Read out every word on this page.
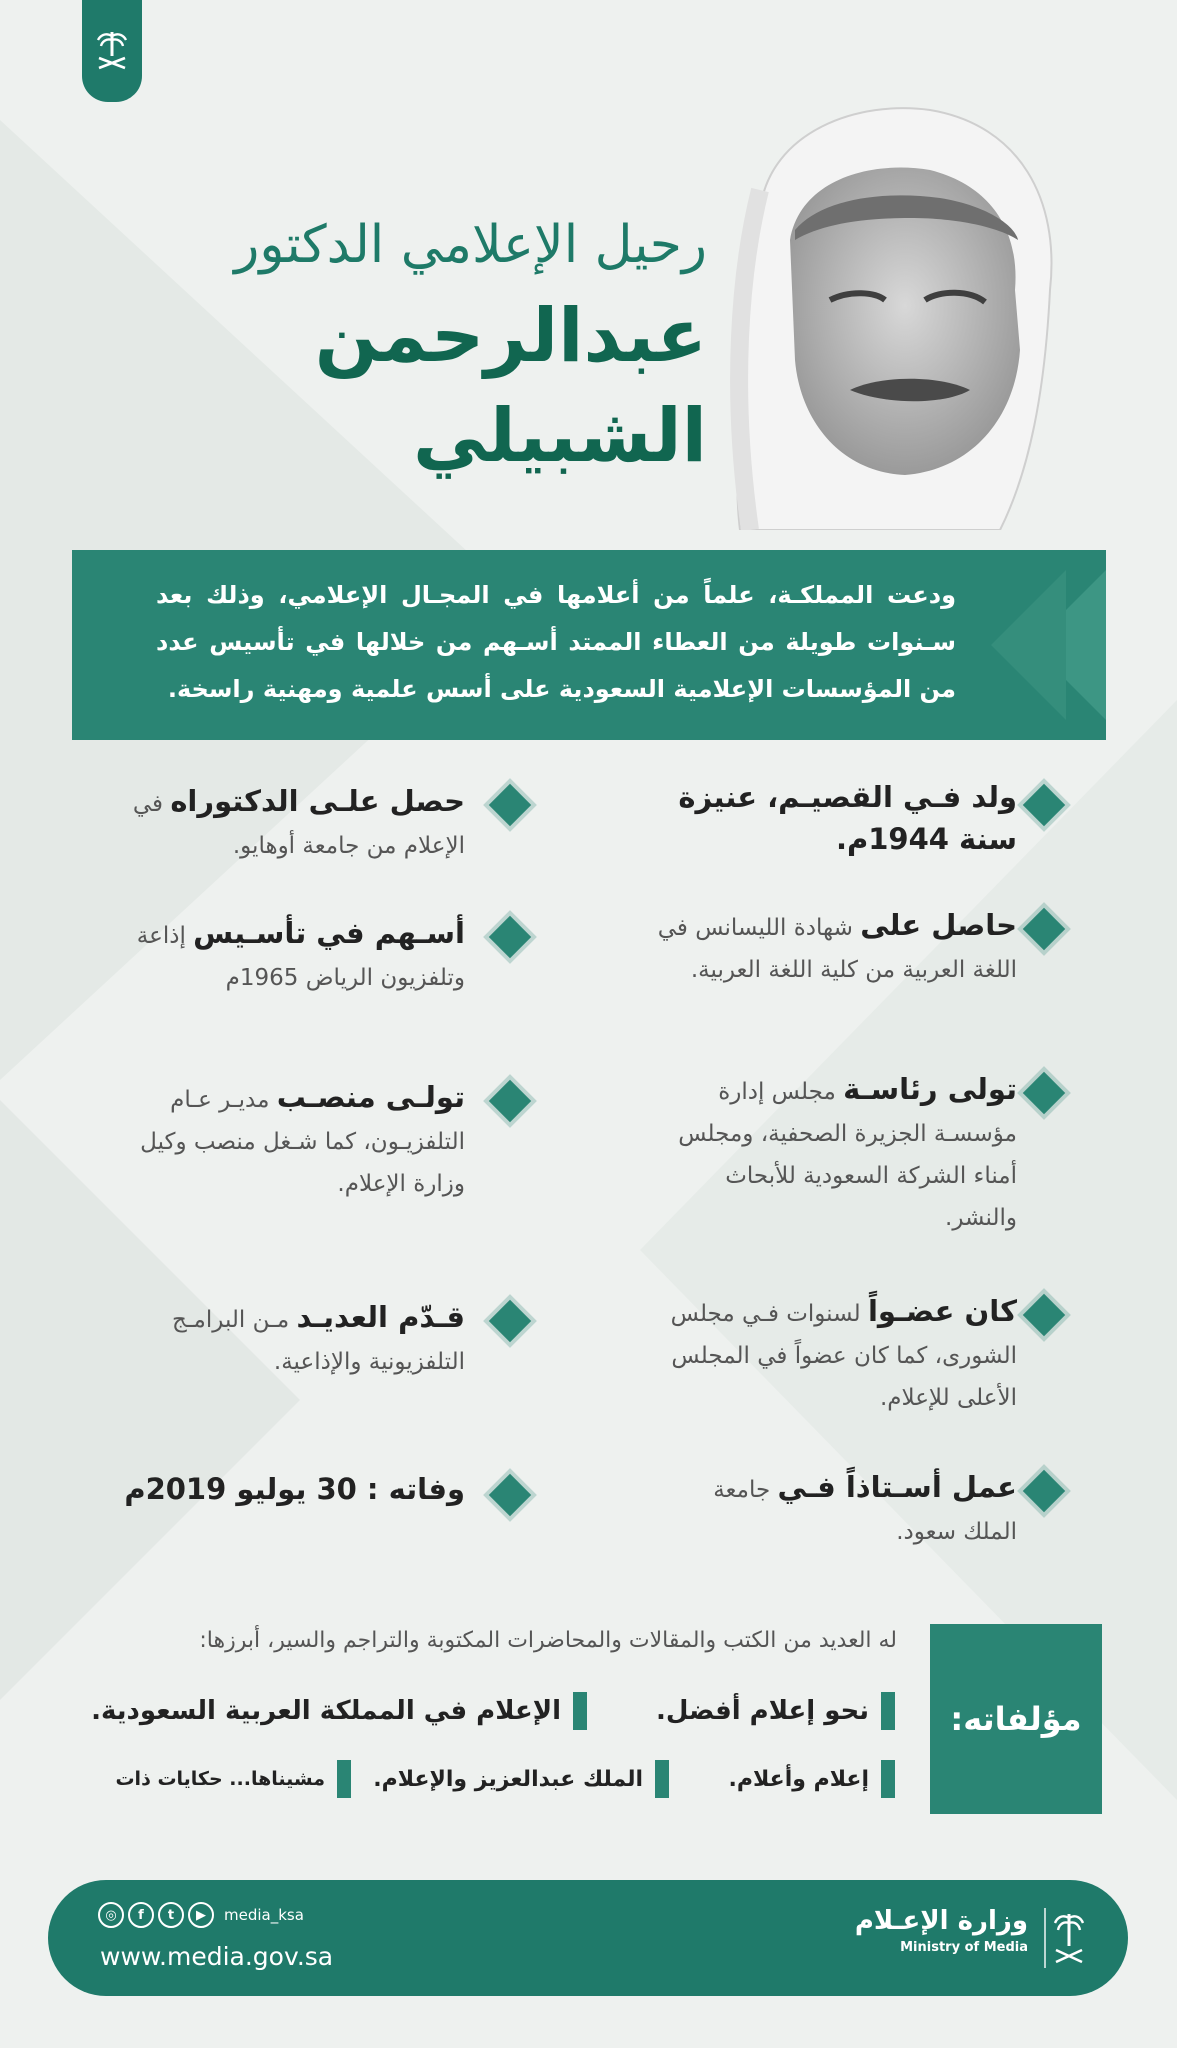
رحيل الإعلامي الدكتور
عبدالرحمن الشبيلي
ودعت المملكـة، علماً من أعلامها في المجـال الإعلامي، وذلك بعد سـنوات طويلة من العطاء الممتد أسـهم من خلالها في تأسيس عدد من المؤسسات الإعلامية السعودية على أسس علمية ومهنية راسخة.
ولد فـي القصيـم، عنيزة سنة 1944م.
حاصل على شهادة الليسانس في اللغة العربية من كلية اللغة العربية.
تولى رئاسـة مجلس إدارة مؤسسـة الجزيرة الصحفية، ومجلس أمناء الشركة السعودية للأبحاث والنشر.
كان عضـواً لسنوات فـي مجلس الشورى، كما كان عضواً في المجلس الأعلى للإعلام.
عمل أسـتاذاً فـي جامعة الملك سعود.
حصل علـى الدكتوراه في الإعلام من جامعة أوهايو.
أسـهم في تأسـيس إذاعة وتلفزيون الرياض 1965م
تولـى منصـب مديـر عـام التلفزيـون، كما شـغل منصب وكيل وزارة الإعلام.
قـدّم العديـد مـن البرامـج التلفزيونية والإذاعية.
وفاته : 30 يوليو 2019م
مؤلفاته:
له العديد من الكتب والمقالات والمحاضرات المكتوبة والتراجم والسير، أبرزها:
نحو إعلام أفضل.
الإعلام في المملكة العربية السعودية.
إعلام وأعلام.
الملك عبدالعزيز والإعلام.
مشيناها... حكايات ذات
◎	f	t	▶	media_ksa
www.media.gov.sa
وزارة الإعـلام
Ministry of Media
